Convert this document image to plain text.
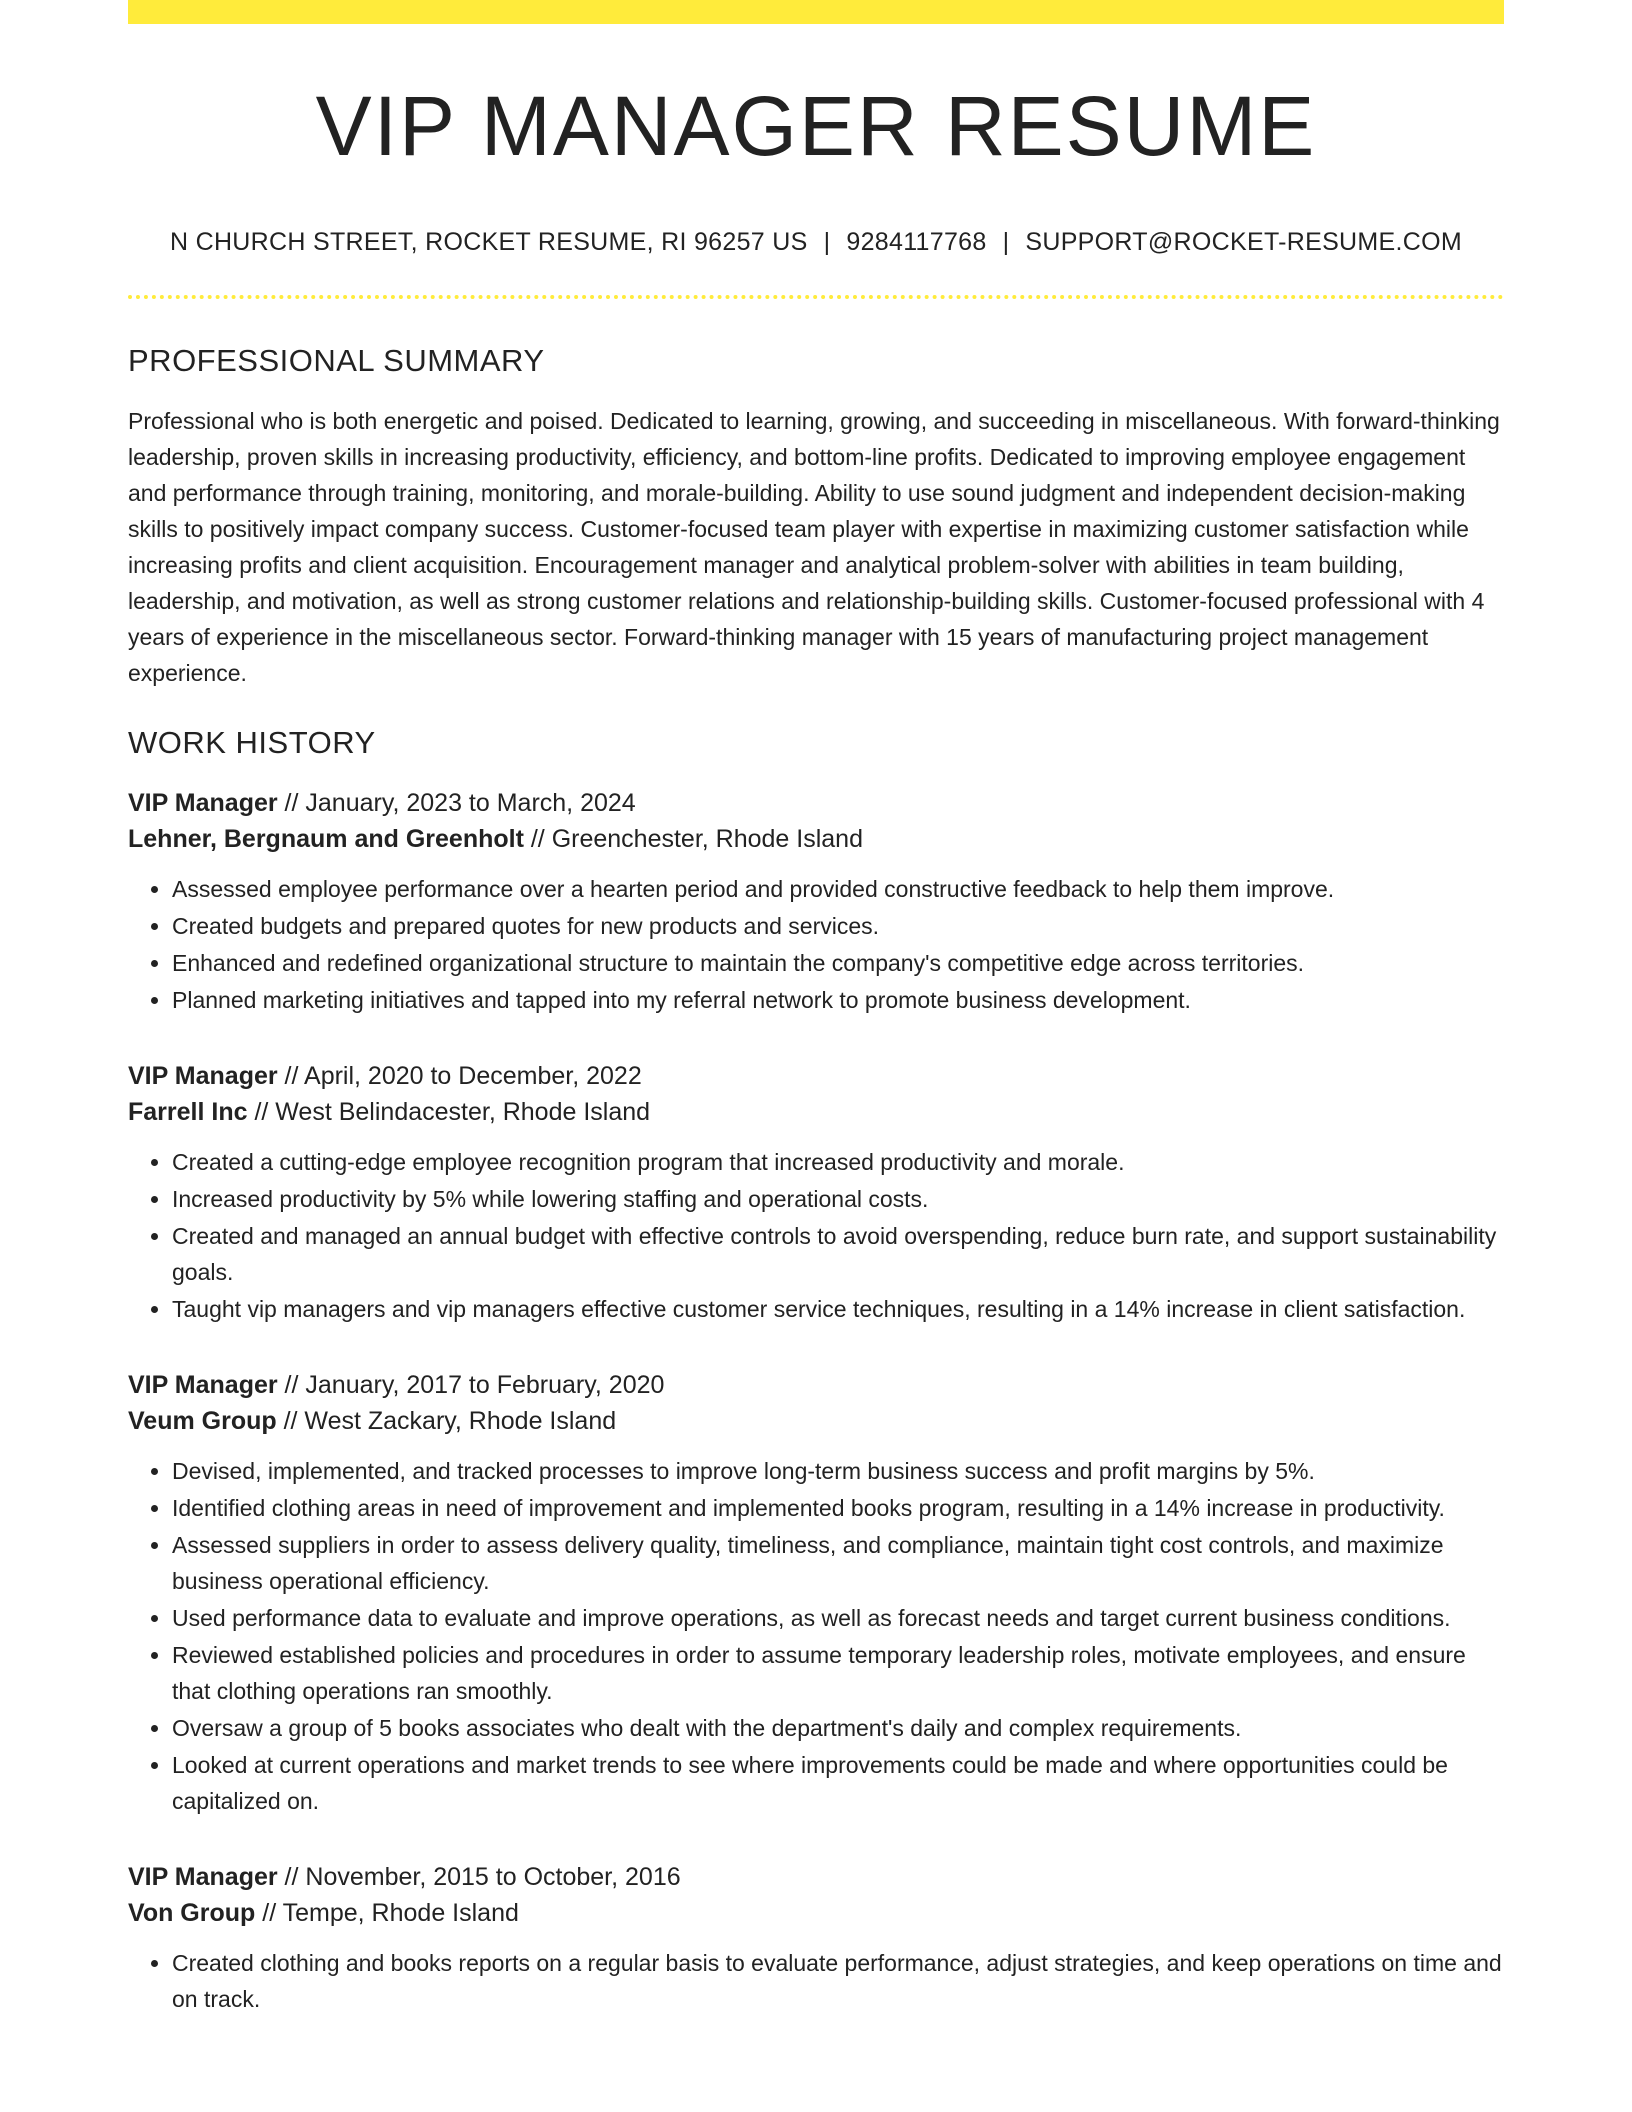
VIP MANAGER RESUME
N CHURCH STREET, ROCKET RESUME, RI 96257 US | 9284117768 | SUPPORT@ROCKET-RESUME.COM
PROFESSIONAL SUMMARY

Professional who is both energetic and poised. Dedicated to learning, growing, and succeeding in miscellaneous. With forward-thinking leadership, proven skills in increasing productivity, efficiency, and bottom-line profits. Dedicated to improving employee engagement and performance through training, monitoring, and morale-building. Ability to use sound judgment and independent decision-making skills to positively impact company success. Customer-focused team player with expertise in maximizing customer satisfaction while increasing profits and client acquisition. Encouragement manager and analytical problem-solver with abilities in team building, leadership, and motivation, as well as strong customer relations and relationship-building skills. Customer-focused professional with 4 years of experience in the miscellaneous sector. Forward-thinking manager with 15 years of manufacturing project management experience.

WORK HISTORY
VIP Manager // January, 2023 to March, 2024
Lehner, Bergnaum and Greenholt // Greenchester, Rhode Island
• Assessed employee performance over a hearten period and provided constructive feedback to help them improve.
• Created budgets and prepared quotes for new products and services.
• Enhanced and redefined organizational structure to maintain the company's competitive edge across territories.
• Planned marketing initiatives and tapped into my referral network to promote business development.
VIP Manager // April, 2020 to December, 2022
Farrell Inc // West Belindacester, Rhode Island
• Created a cutting-edge employee recognition program that increased productivity and morale.
• Increased productivity by 5% while lowering staffing and operational costs.
• Created and managed an annual budget with effective controls to avoid overspending, reduce burn rate, and support sustainability goals.
• Taught vip managers and vip managers effective customer service techniques, resulting in a 14% increase in client satisfaction.
VIP Manager // January, 2017 to February, 2020
Veum Group // West Zackary, Rhode Island
• Devised, implemented, and tracked processes to improve long-term business success and profit margins by 5%.
• Identified clothing areas in need of improvement and implemented books program, resulting in a 14% increase in productivity.
• Assessed suppliers in order to assess delivery quality, timeliness, and compliance, maintain tight cost controls, and maximize business operational efficiency.
• Used performance data to evaluate and improve operations, as well as forecast needs and target current business conditions.
• Reviewed established policies and procedures in order to assume temporary leadership roles, motivate employees, and ensure that clothing operations ran smoothly.
• Oversaw a group of 5 books associates who dealt with the department's daily and complex requirements.
• Looked at current operations and market trends to see where improvements could be made and where opportunities could be capitalized on.
VIP Manager // November, 2015 to October, 2016
Von Group // Tempe, Rhode Island
• Created clothing and books reports on a regular basis to evaluate performance, adjust strategies, and keep operations on time and on track.
